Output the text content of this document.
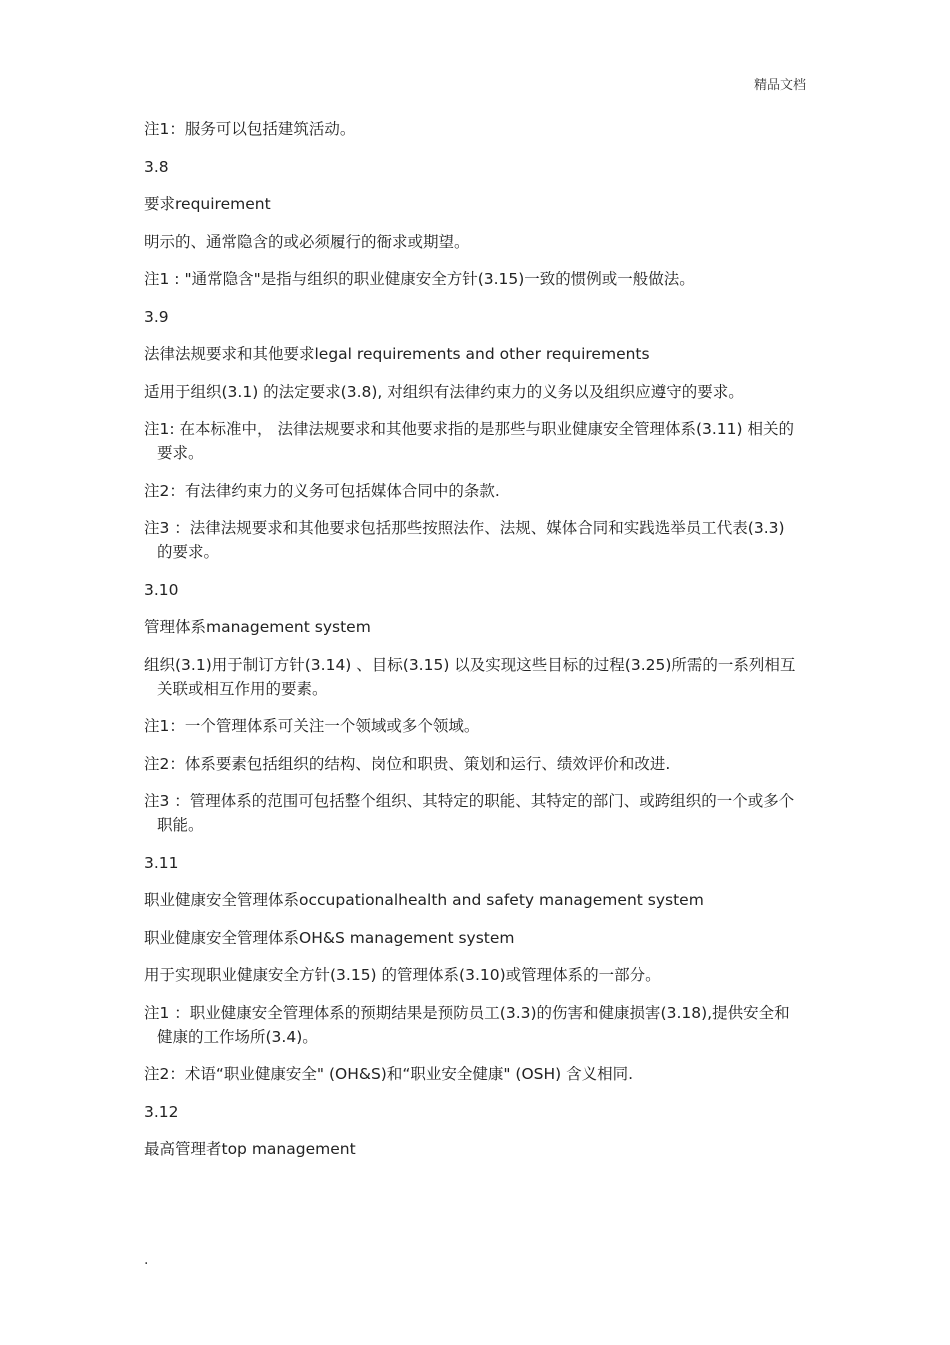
精品文档

注1：服务可以包括建筑活动。

3.8

要求requirement

明示的、通常隐含的或必须履行的衙求或期望。

注1 : "通常隐含"是指与组织的职业健康安全方针(3.15)一致的惯例或一般做法。

3.9

法律法规要求和其他要求legal requirements and other requirements

适用于组织(3.1) 的法定要求(3.8), 对组织有法律约束力的义务以及组织应遵守的要求。

注1: 在本标准中， 法律法规要求和其他要求指的是那些与职业健康安全管理体系(3.11) 相关的要求。

注2：有法律约束力的义务可包括媒体合同中的条款.

注3 ：法律法规要求和其他要求包括那些按照法作、法规、媒体合同和实践选举员工代表(3.3) 的要求。

3.10

管理体系management system

组织(3.1)用于制订方针(3.14) 、目标(3.15) 以及实现这些目标的过程(3.25)所需的一系列相互关联或相互作用的要素。

注1：一个管理体系可关注一个领域或多个领域。

注2：体系要素包括组织的结构、岗位和职贵、策划和运行、绩效评价和改进.

注3 ：管理体系的范围可包括整个组织、其特定的职能、其特定的部门、或跨组织的一个或多个职能。

3.11

职业健康安全管理体系occupationalhealth and safety management system

职业健康安全管理体系OH&S management system

用于实现职业健康安全方针(3.15) 的管理体系(3.10)或管理体系的一部分。

注1 ：职业健康安全管理体系的预期结果是预防员工(3.3)的伤害和健康损害(3.18),提供安全和健康的工作场所(3.4)。

注2：术语“职业健康安全" (OH&S)和“职业安全健康" (OSH) 含义相同.

3.12

最高管理者top management

.
